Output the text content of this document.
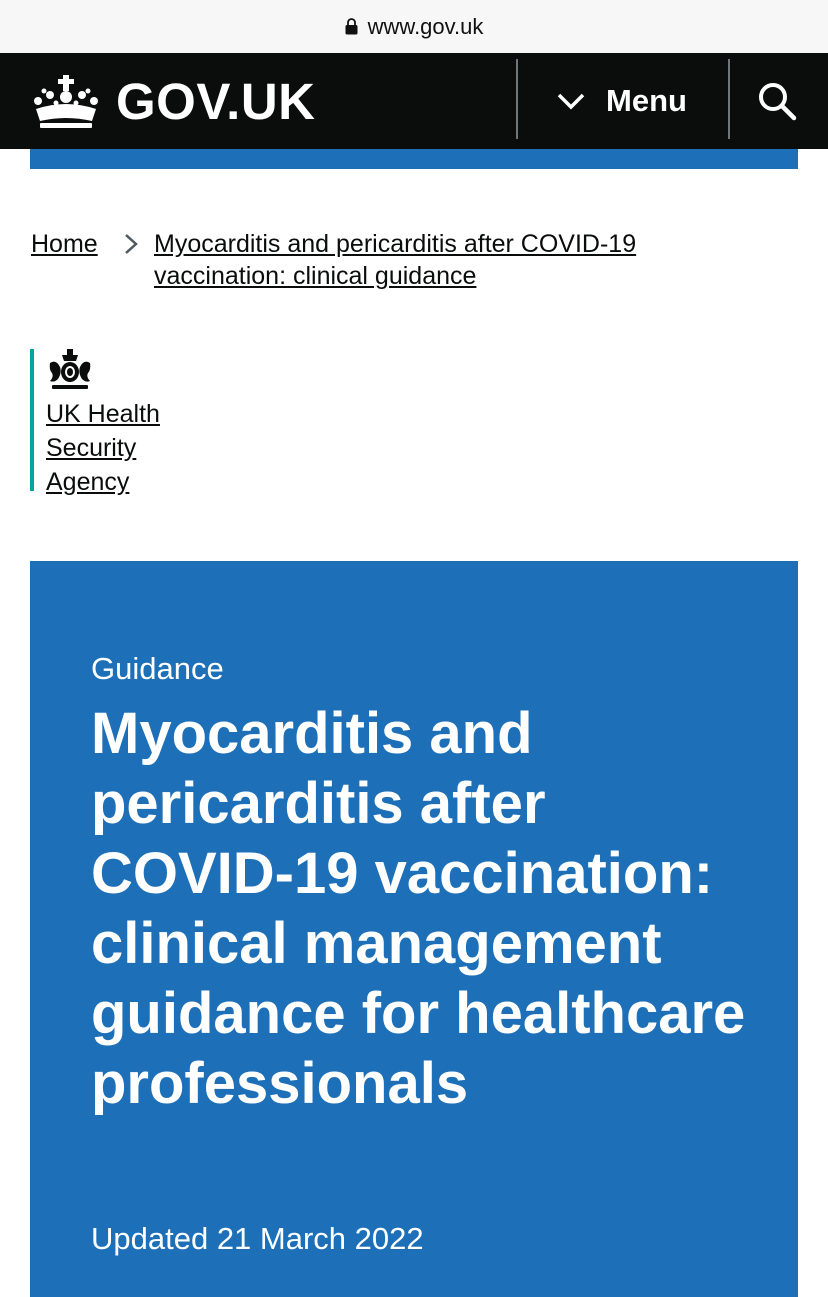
www.gov.uk
GOV.UK	Menu
Home Myocarditis and pericarditis after COVID-19 vaccination: clinical guidance
UK Health Security Agency
Guidance
Myocarditis and pericarditis after COVID-19 vaccination: clinical management guidance for healthcare professionals
Updated 21 March 2022
